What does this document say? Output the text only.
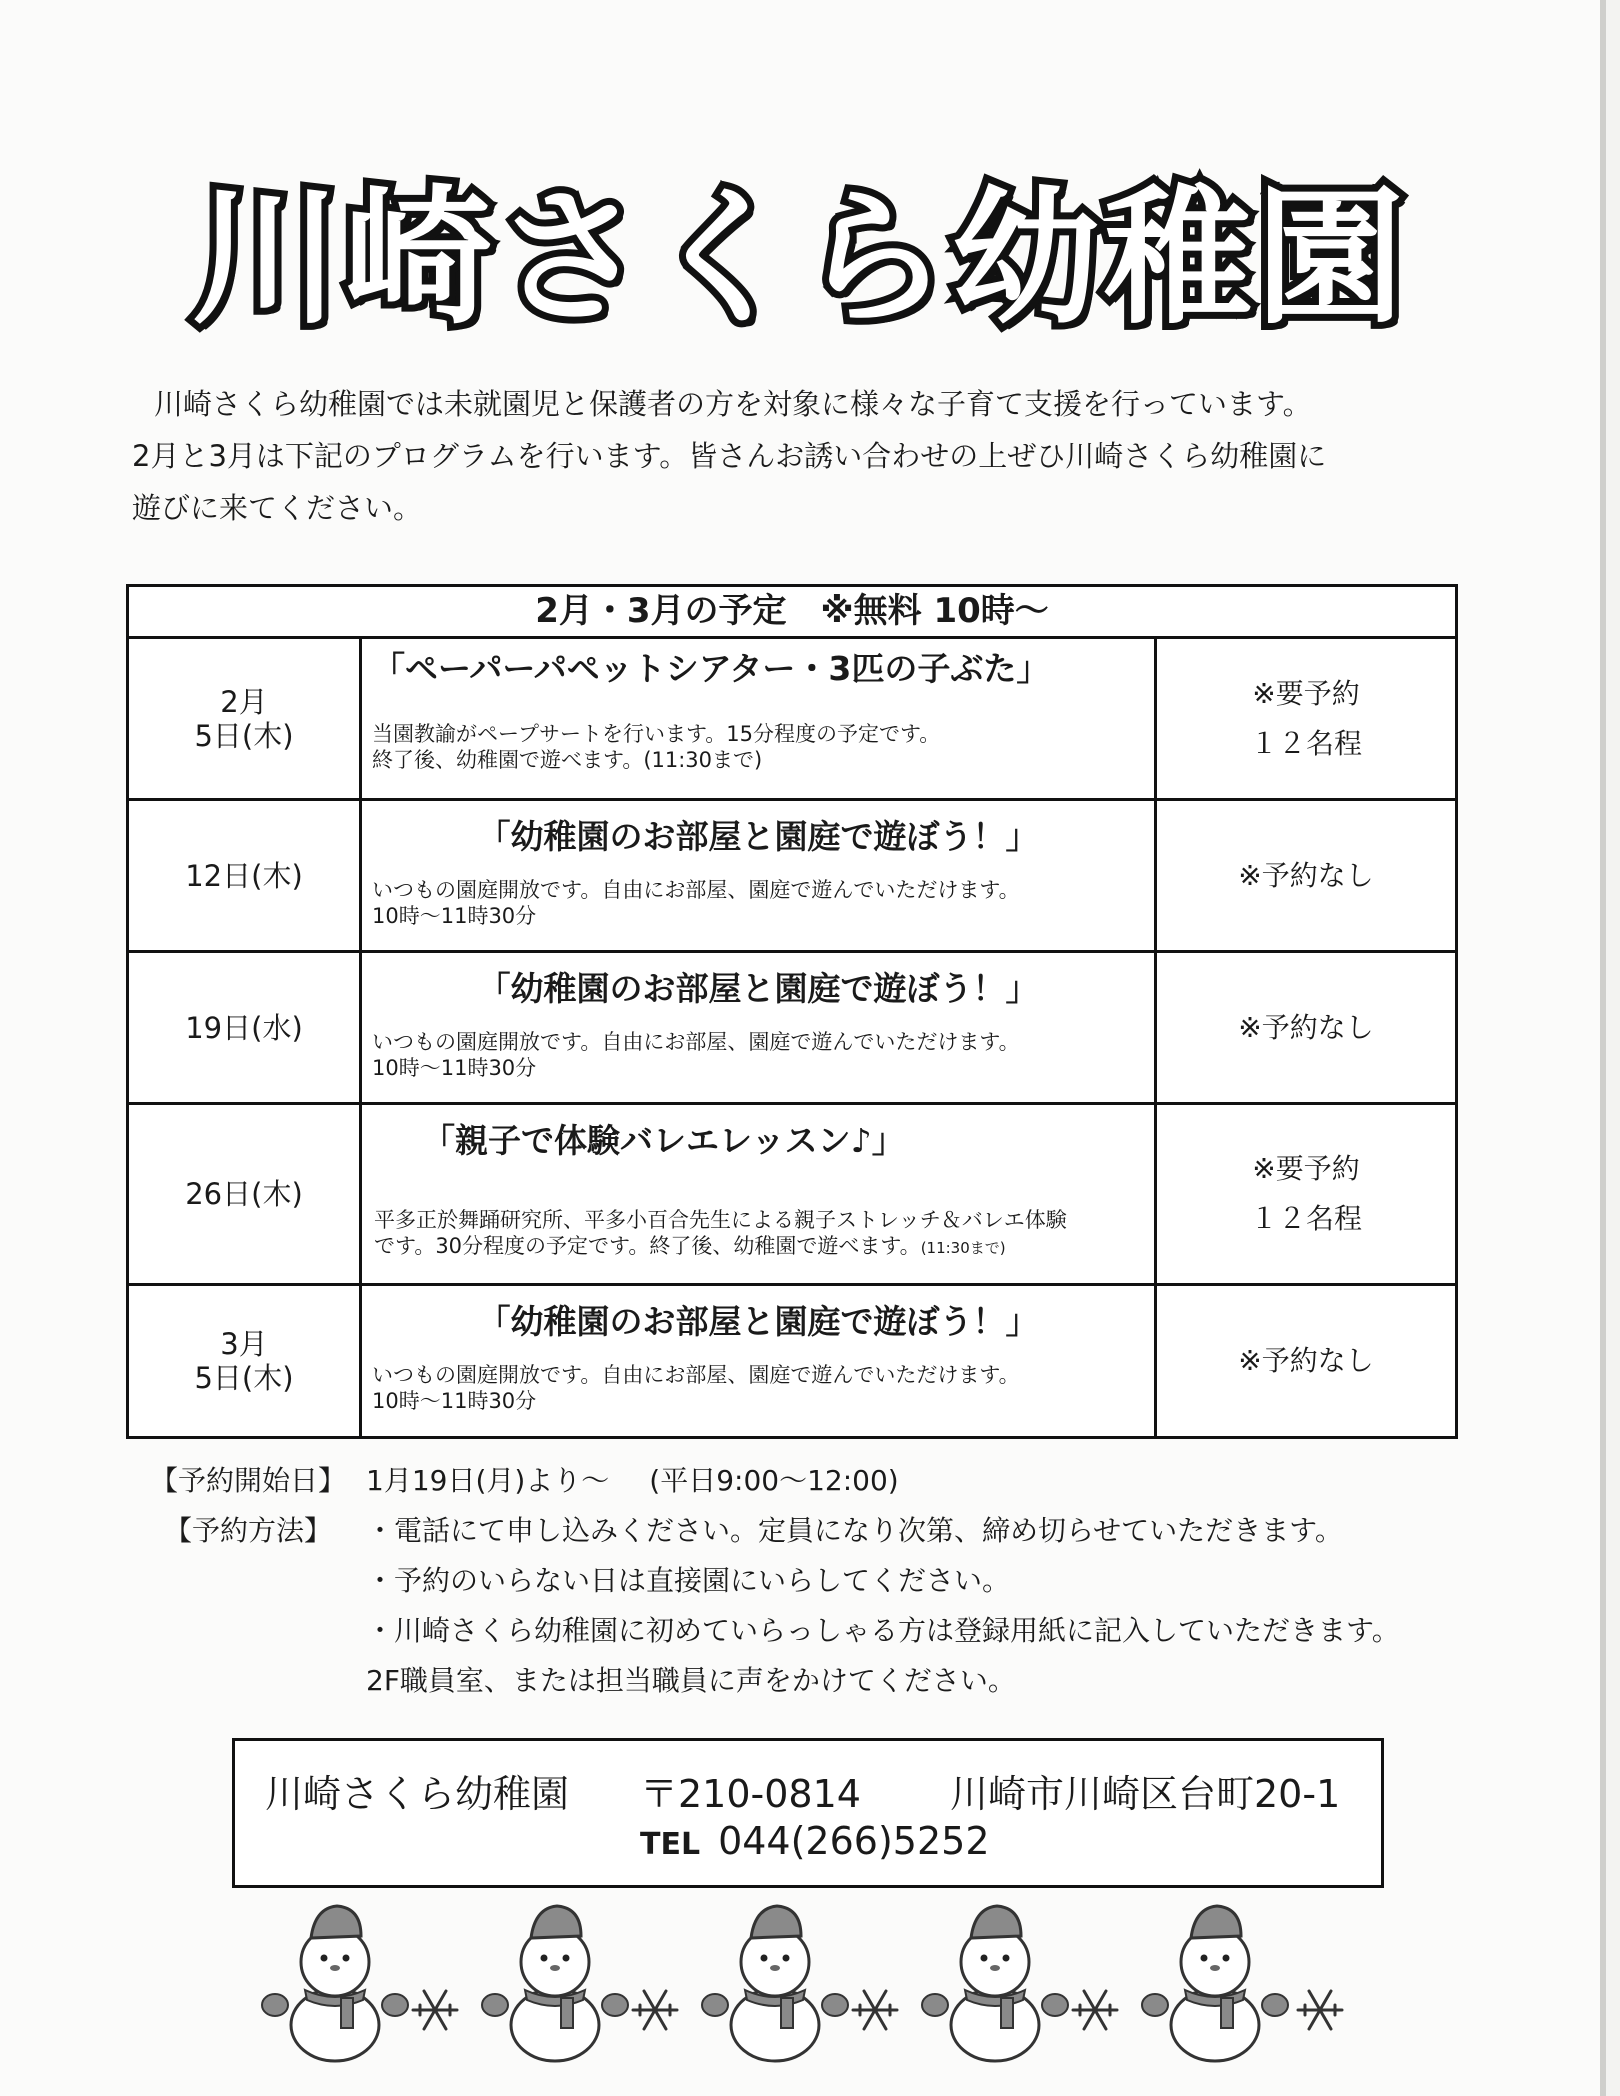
川崎さくら幼稚園

川崎さくら幼稚園では未就園児と保護者の方を対象に様々な子育て支援を行っています。

2月と3月は下記のプログラムを行います。皆さんお誘い合わせの上ぜひ川崎さくら幼稚園に

遊びに来てください。

2月・3月の予定　※無料 10時～
2月
5日(木)
「ペーパーパペットシアター・3匹の子ぶた」
当園教諭がペープサートを行います。15分程度の予定です。
終了後、幼稚園で遊べます。(11:30まで)
※要予約
１２名程
12日(木)
「幼稚園のお部屋と園庭で遊ぼう！」
いつもの園庭開放です。自由にお部屋、園庭で遊んでいただけます。
10時～11時30分
※予約なし
19日(水)
「幼稚園のお部屋と園庭で遊ぼう！」
いつもの園庭開放です。自由にお部屋、園庭で遊んでいただけます。
10時～11時30分
※予約なし
26日(木)
「親子で体験バレエレッスン♪」
平多正於舞踊研究所、平多小百合先生による親子ストレッチ＆バレエ体験
です。30分程度の予定です。終了後、幼稚園で遊べます。(11:30まで)
※要予約
１２名程
3月
5日(木)
「幼稚園のお部屋と園庭で遊ぼう！」
いつもの園庭開放です。自由にお部屋、園庭で遊んでいただけます。
10時～11時30分
※予約なし
【予約開始日】 1月19日(月)より～ (平日9:00～12:00)
【予約方法】	・電話にて申し込みください。定員になり次第、締め切らせていただきます。
・予約のいらない日は直接園にいらしてください。
・川崎さくら幼稚園に初めていらっしゃる方は登録用紙に記入していただきます。
2F職員室、または担当職員に声をかけてください。
川崎さくら幼稚園 〒210-0814 川崎市川崎区台町20-1
TEL 044(266)5252
